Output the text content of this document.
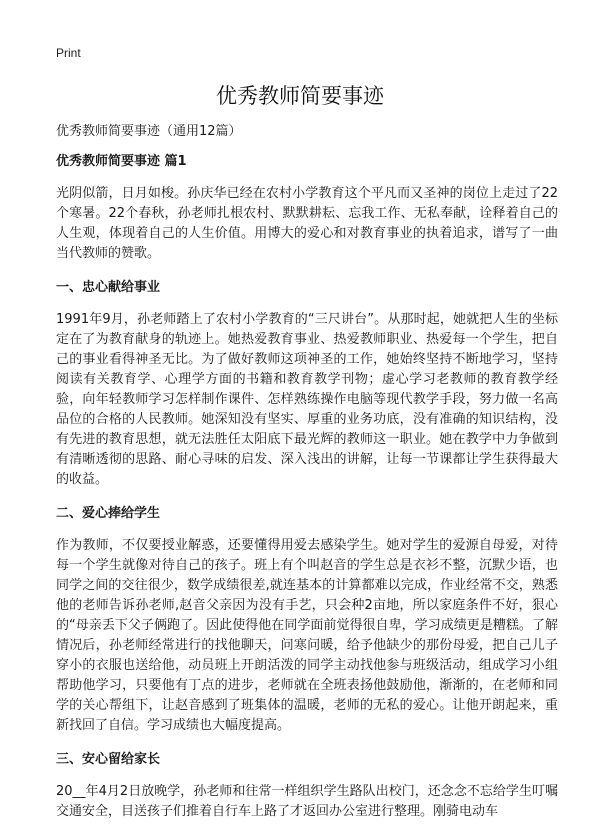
Print
优秀教师简要事迹

优秀教师简要事迹（通用12篇）

优秀教师简要事迹 篇1

光阴似箭，日月如梭。孙庆华已经在农村小学教育这个平凡而又圣神的岗位上走过了22个寒暑。22个春秋，孙老师扎根农村、默默耕耘、忘我工作、无私奉献，诠释着自己的人生观，体现着自己的人生价值。用博大的爱心和对教育事业的执着追求，谱写了一曲当代教师的赞歌。

一、忠心献给事业

1991年9月，孙老师踏上了农村小学教育的“三尺讲台”。从那时起，她就把人生的坐标定在了为教育献身的轨迹上。她热爱教育事业、热爱教师职业、热爱每一个学生，把自己的事业看得神圣无比。为了做好教师这项神圣的工作，她始终坚持不断地学习，坚持阅读有关教育学、心理学方面的书籍和教育教学刊物；虚心学习老教师的教育教学经验，向年轻教师学习怎样制作课件、怎样熟练操作电脑等现代教学手段，努力做一名高品位的合格的人民教师。她深知没有坚实、厚重的业务功底，没有准确的知识结构，没有先进的教育思想，就无法胜任太阳底下最光辉的教师这一职业。她在教学中力争做到有清晰透彻的思路、耐心寻味的启发、深入浅出的讲解，让每一节课都让学生获得最大的收益。

二、爱心捧给学生

作为教师，不仅要授业解惑，还要懂得用爱去感染学生。她对学生的爱源自母爱，对待每一个学生就像对待自己的孩子。班上有个叫赵音的学生总是衣衫不整，沉默少语，也同学之间的交往很少，数学成绩很差,就连基本的计算都难以完成，作业经常不交，熟悉他的老师告诉孙老师,赵音父亲因为没有手艺，只会种2亩地，所以家庭条件不好，狠心的“母亲丢下父子俩跑了。因此使得他在同学面前觉得很自卑，学习成绩更是糟糕。了解情况后，孙老师经常进行的找他聊天，问寒问暖，给予他缺少的那份母爱，把自己儿子穿小的衣服也送给他，动员班上开朗活泼的同学主动找他参与班级活动，组成学习小组帮助他学习，只要他有丁点的进步，老师就在全班表扬他鼓励他，渐渐的，在老师和同学的关心帮组下，让赵音感到了班集体的温暖，老师的无私的爱心。让他开朗起来，重新找回了自信。学习成绩也大幅度提高。

三、安心留给家长

20__年4月2日放晚学，孙老师和往常一样组织学生路队出校门，还念念不忘给学生叮嘱交通安全，目送孩子们推着自行车上路了才返回办公室进行整理。刚骑电动车
